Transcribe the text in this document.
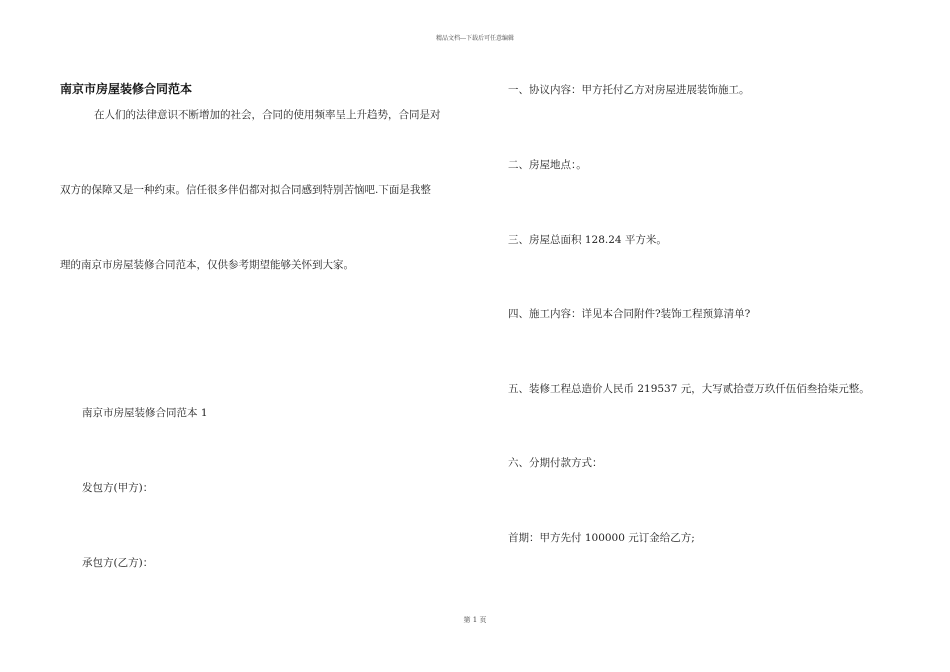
精品文档---下载后可任意编辑
南京市房屋装修合同范本
在人们的法律意识不断增加的社会，合同的使用频率呈上升趋势，合同是对
双方的保障又是一种约束。信任很多伴侣都对拟合同感到特别苦恼吧.下面是我整
理的南京市房屋装修合同范本，仅供参考期望能够关怀到大家。
南京市房屋装修合同范本 1
发包方(甲方)：
承包方(乙方)：
一、协议内容：甲方托付乙方对房屋进展装饰施工。
二、房屋地点：。
三、房屋总面积 128.24 平方米。
四、施工内容：详见本合同附件?装饰工程预算清单?
五、装修工程总造价人民币 219537 元，大写贰拾壹万玖仟伍佰叁拾柒元整。
六、分期付款方式：
首期：甲方先付 100000 元订金给乙方;
第 1 页
